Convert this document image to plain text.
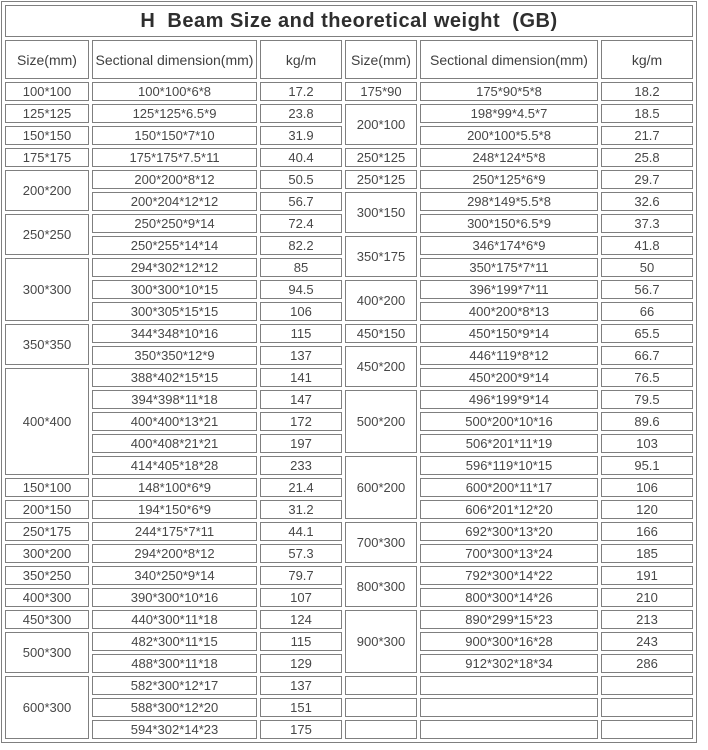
H  Beam Size and theoretical weight  (GB)					
Size(mm)	Sectional dimension(mm)	kg/m	Size(mm)	Sectional dimension(mm)	kg/m
100*100	100*100*6*8	17.2	175*90	175*90*5*8	18.2
125*125	125*125*6.5*9	23.8	200*100	198*99*4.5*7	18.5
150*150	150*150*7*10	31.9		200*100*5.5*8	21.7
175*175	175*175*7.5*11	40.4	250*125	248*124*5*8	25.8
200*200	200*200*8*12	50.5	250*125	250*125*6*9	29.7
	200*204*12*12	56.7	300*150	298*149*5.5*8	32.6
250*250	250*250*9*14	72.4		300*150*6.5*9	37.3
	250*255*14*14	82.2	350*175	346*174*6*9	41.8
300*300	294*302*12*12	85		350*175*7*11	50
	300*300*10*15	94.5	400*200	396*199*7*11	56.7
	300*305*15*15	106		400*200*8*13	66
350*350	344*348*10*16	115	450*150	450*150*9*14	65.5
	350*350*12*9	137	450*200	446*119*8*12	66.7
400*400	388*402*15*15	141		450*200*9*14	76.5
	394*398*11*18	147	500*200	496*199*9*14	79.5
	400*400*13*21	172		500*200*10*16	89.6
	400*408*21*21	197		506*201*11*19	103
	414*405*18*28	233	600*200	596*119*10*15	95.1
150*100	148*100*6*9	21.4		600*200*11*17	106
200*150	194*150*6*9	31.2		606*201*12*20	120
250*175	244*175*7*11	44.1	700*300	692*300*13*20	166
300*200	294*200*8*12	57.3		700*300*13*24	185
350*250	340*250*9*14	79.7	800*300	792*300*14*22	191
400*300	390*300*10*16	107		800*300*14*26	210
450*300	440*300*11*18	124	900*300	890*299*15*23	213
500*300	482*300*11*15	115		900*300*16*28	243
	488*300*11*18	129		912*302*18*34	286
600*300	582*300*12*17	137			
	588*300*12*20	151			
	594*302*14*23	175			
